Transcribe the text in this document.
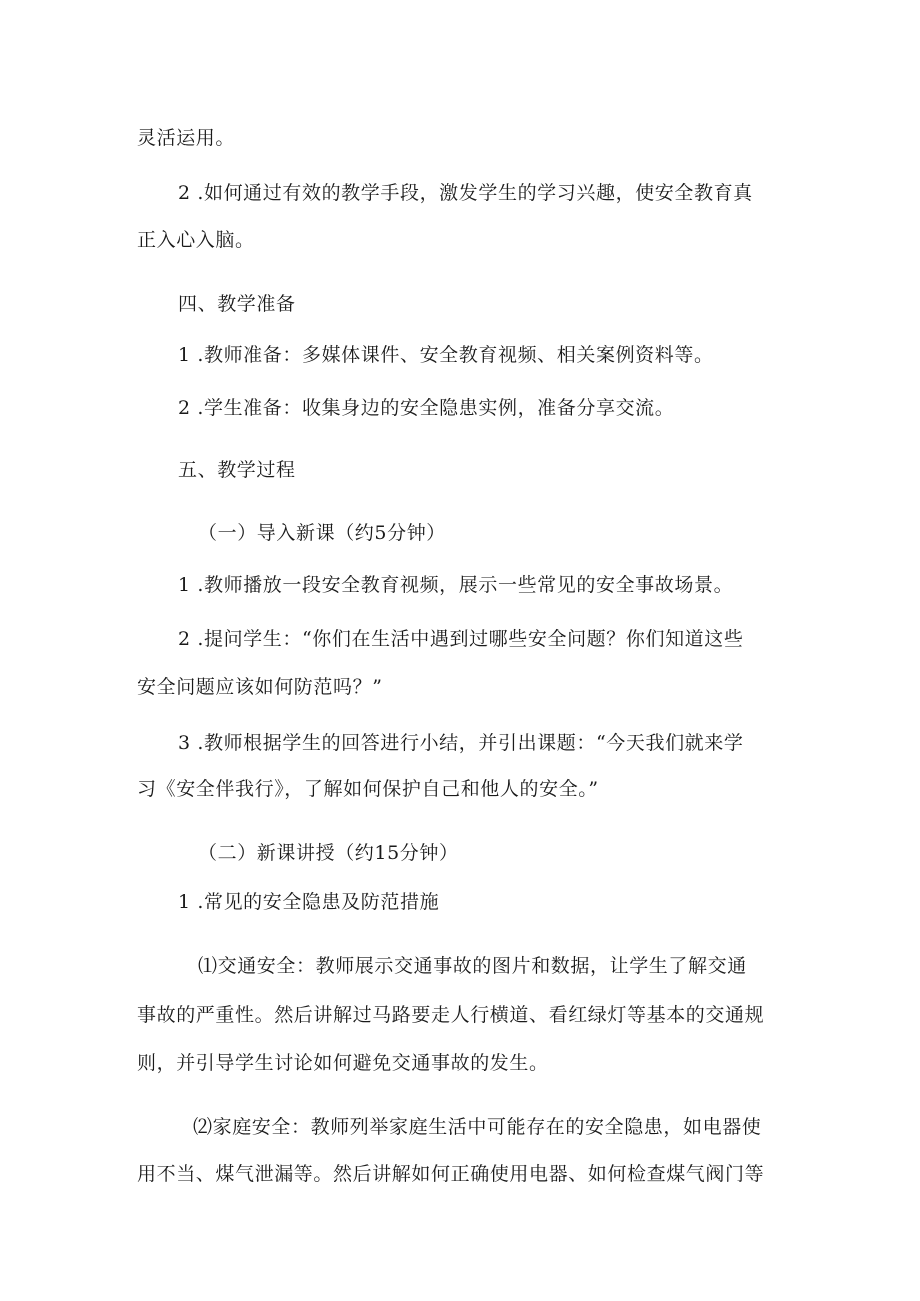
灵活运用。
2 .如何通过有效的教学手段，激发学生的学习兴趣，使安全教育真
正入心入脑。
四、教学准备
1 .教师准备：多媒体课件、安全教育视频、相关案例资料等。
2 .学生准备：收集身边的安全隐患实例，准备分享交流。
五、教学过程
（一）导入新课（约5分钟）
1 .教师播放一段安全教育视频，展示一些常见的安全事故场景。
2 .提问学生：“你们在生活中遇到过哪些安全问题？你们知道这些
安全问题应该如何防范吗？”
3 .教师根据学生的回答进行小结，并引出课题：“今天我们就来学
习《安全伴我行》，了解如何保护自己和他人的安全。”
（二）新课讲授（约15分钟）
1 .常见的安全隐患及防范措施
⑴交通安全：教师展示交通事故的图片和数据，让学生了解交通
事故的严重性。然后讲解过马路要走人行横道、看红绿灯等基本的交通规
则，并引导学生讨论如何避免交通事故的发生。
⑵家庭安全：教师列举家庭生活中可能存在的安全隐患，如电器使
用不当、煤气泄漏等。然后讲解如何正确使用电器、如何检查煤气阀门等
